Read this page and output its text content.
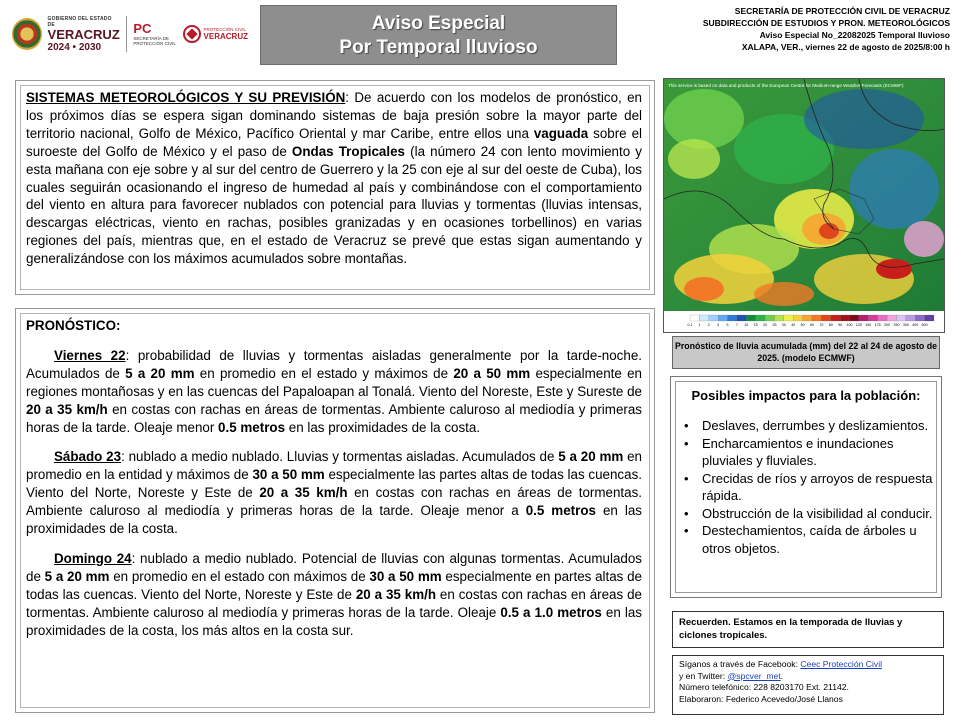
GOBIERNO DEL ESTADO DE
VERACRUZ
2024 • 2030
PC
SECRETARÍA DE PROTECCIÓN CIVIL
PROTECCIÓN CIVIL
VERACRUZ
Aviso Especial
Por Temporal lluvioso
SECRETARÍA DE PROTECCIÓN CIVIL DE VERACRUZ
SUBDIRECCIÓN DE ESTUDIOS Y PRON. METEOROLÓGICOS
Aviso Especial No_22082025 Temporal lluvioso
XALAPA, VER., viernes 22 de agosto de 2025/8:00 h
SISTEMAS METEOROLÓGICOS Y SU PREVISIÓN: De acuerdo con los modelos de pronóstico, en los próximos días se espera sigan dominando sistemas de baja presión sobre la mayor parte del territorio nacional, Golfo de México, Pacífico Oriental y mar Caribe, entre ellos una vaguada sobre el suroeste del Golfo de México y el paso de Ondas Tropicales (la número 24 con lento movimiento y esta mañana con eje sobre y al sur del centro de Guerrero y la 25 con eje al sur del oeste de Cuba), los cuales seguirán ocasionando el ingreso de humedad al país y combinándose con el comportamiento del viento en altura para favorecer nublados con potencial para lluvias y tormentas (lluvias intensas, descargas eléctricas, viento en rachas, posibles granizadas y en ocasiones torbellinos) en varias regiones del país, mientras que, en el estado de Veracruz se prevé que estas sigan aumentando y generalizándose con los máximos acumulados sobre montañas.
PRONÓSTICO:
Viernes 22: probabilidad de lluvias y tormentas aisladas generalmente por la tarde-noche. Acumulados de 5 a 20 mm en promedio en el estado y máximos de 20 a 50 mm especialmente en regiones montañosas y en las cuencas del Papaloapan al Tonalá. Viento del Noreste, Este y Sureste de 20 a 35 km/h en costas con rachas en áreas de tormentas. Ambiente caluroso al mediodía y primeras horas de la tarde. Oleaje menor 0.5 metros en las proximidades de la costa.
Sábado 23: nublado a medio nublado. Lluvias y tormentas aisladas. Acumulados de 5 a 20 mm en promedio en la entidad y máximos de 30 a 50 mm especialmente las partes altas de todas las cuencas. Viento del Norte, Noreste y Este de 20 a 35 km/h en costas con rachas en áreas de tormentas. Ambiente caluroso al mediodía y primeras horas de la tarde. Oleaje menor a 0.5 metros en las proximidades de la costa.
Domingo 24: nublado a medio nublado. Potencial de lluvias con algunas tormentas. Acumulados de 5 a 20 mm en promedio en el estado con máximos de 30 a 50 mm especialmente en partes altas de todas las cuencas. Viento del Norte, Noreste y Este de 20 a 35 km/h en costas con rachas en áreas de tormentas. Ambiente caluroso al mediodía y primeras horas de la tarde. Oleaje 0.5 a 1.0 metros en las proximidades de la costa, los más altos en la costa sur.
This service is based on data and products of the European Centre for Medium-range Weather Forecasts (ECMWF)
0.1 1 2 3 5 7 10 15 20 25 30 40 50 60 70 80 90 100 125 150 175 200 250 300 400 500
Pronóstico de lluvia acumulada (mm) del 22 al 24 de agosto de 2025. (modelo ECMWF)
Posibles impactos para la población:
• Deslaves, derrumbes y deslizamientos.
• Encharcamientos e inundaciones pluviales y fluviales.
• Crecidas de ríos y arroyos de respuesta rápida.
• Obstrucción de la visibilidad al conducir.
• Destechamientos, caída de árboles u otros objetos.
Recuerden. Estamos en la temporada de lluvias y ciclones tropicales.
Síganos a través de Facebook: Ceec Protección Civil
y en Twitter: @spcver_met.
Número telefónico: 228 8203170 Ext. 21142.
Elaboraron: Federico Acevedo/José Llanos
